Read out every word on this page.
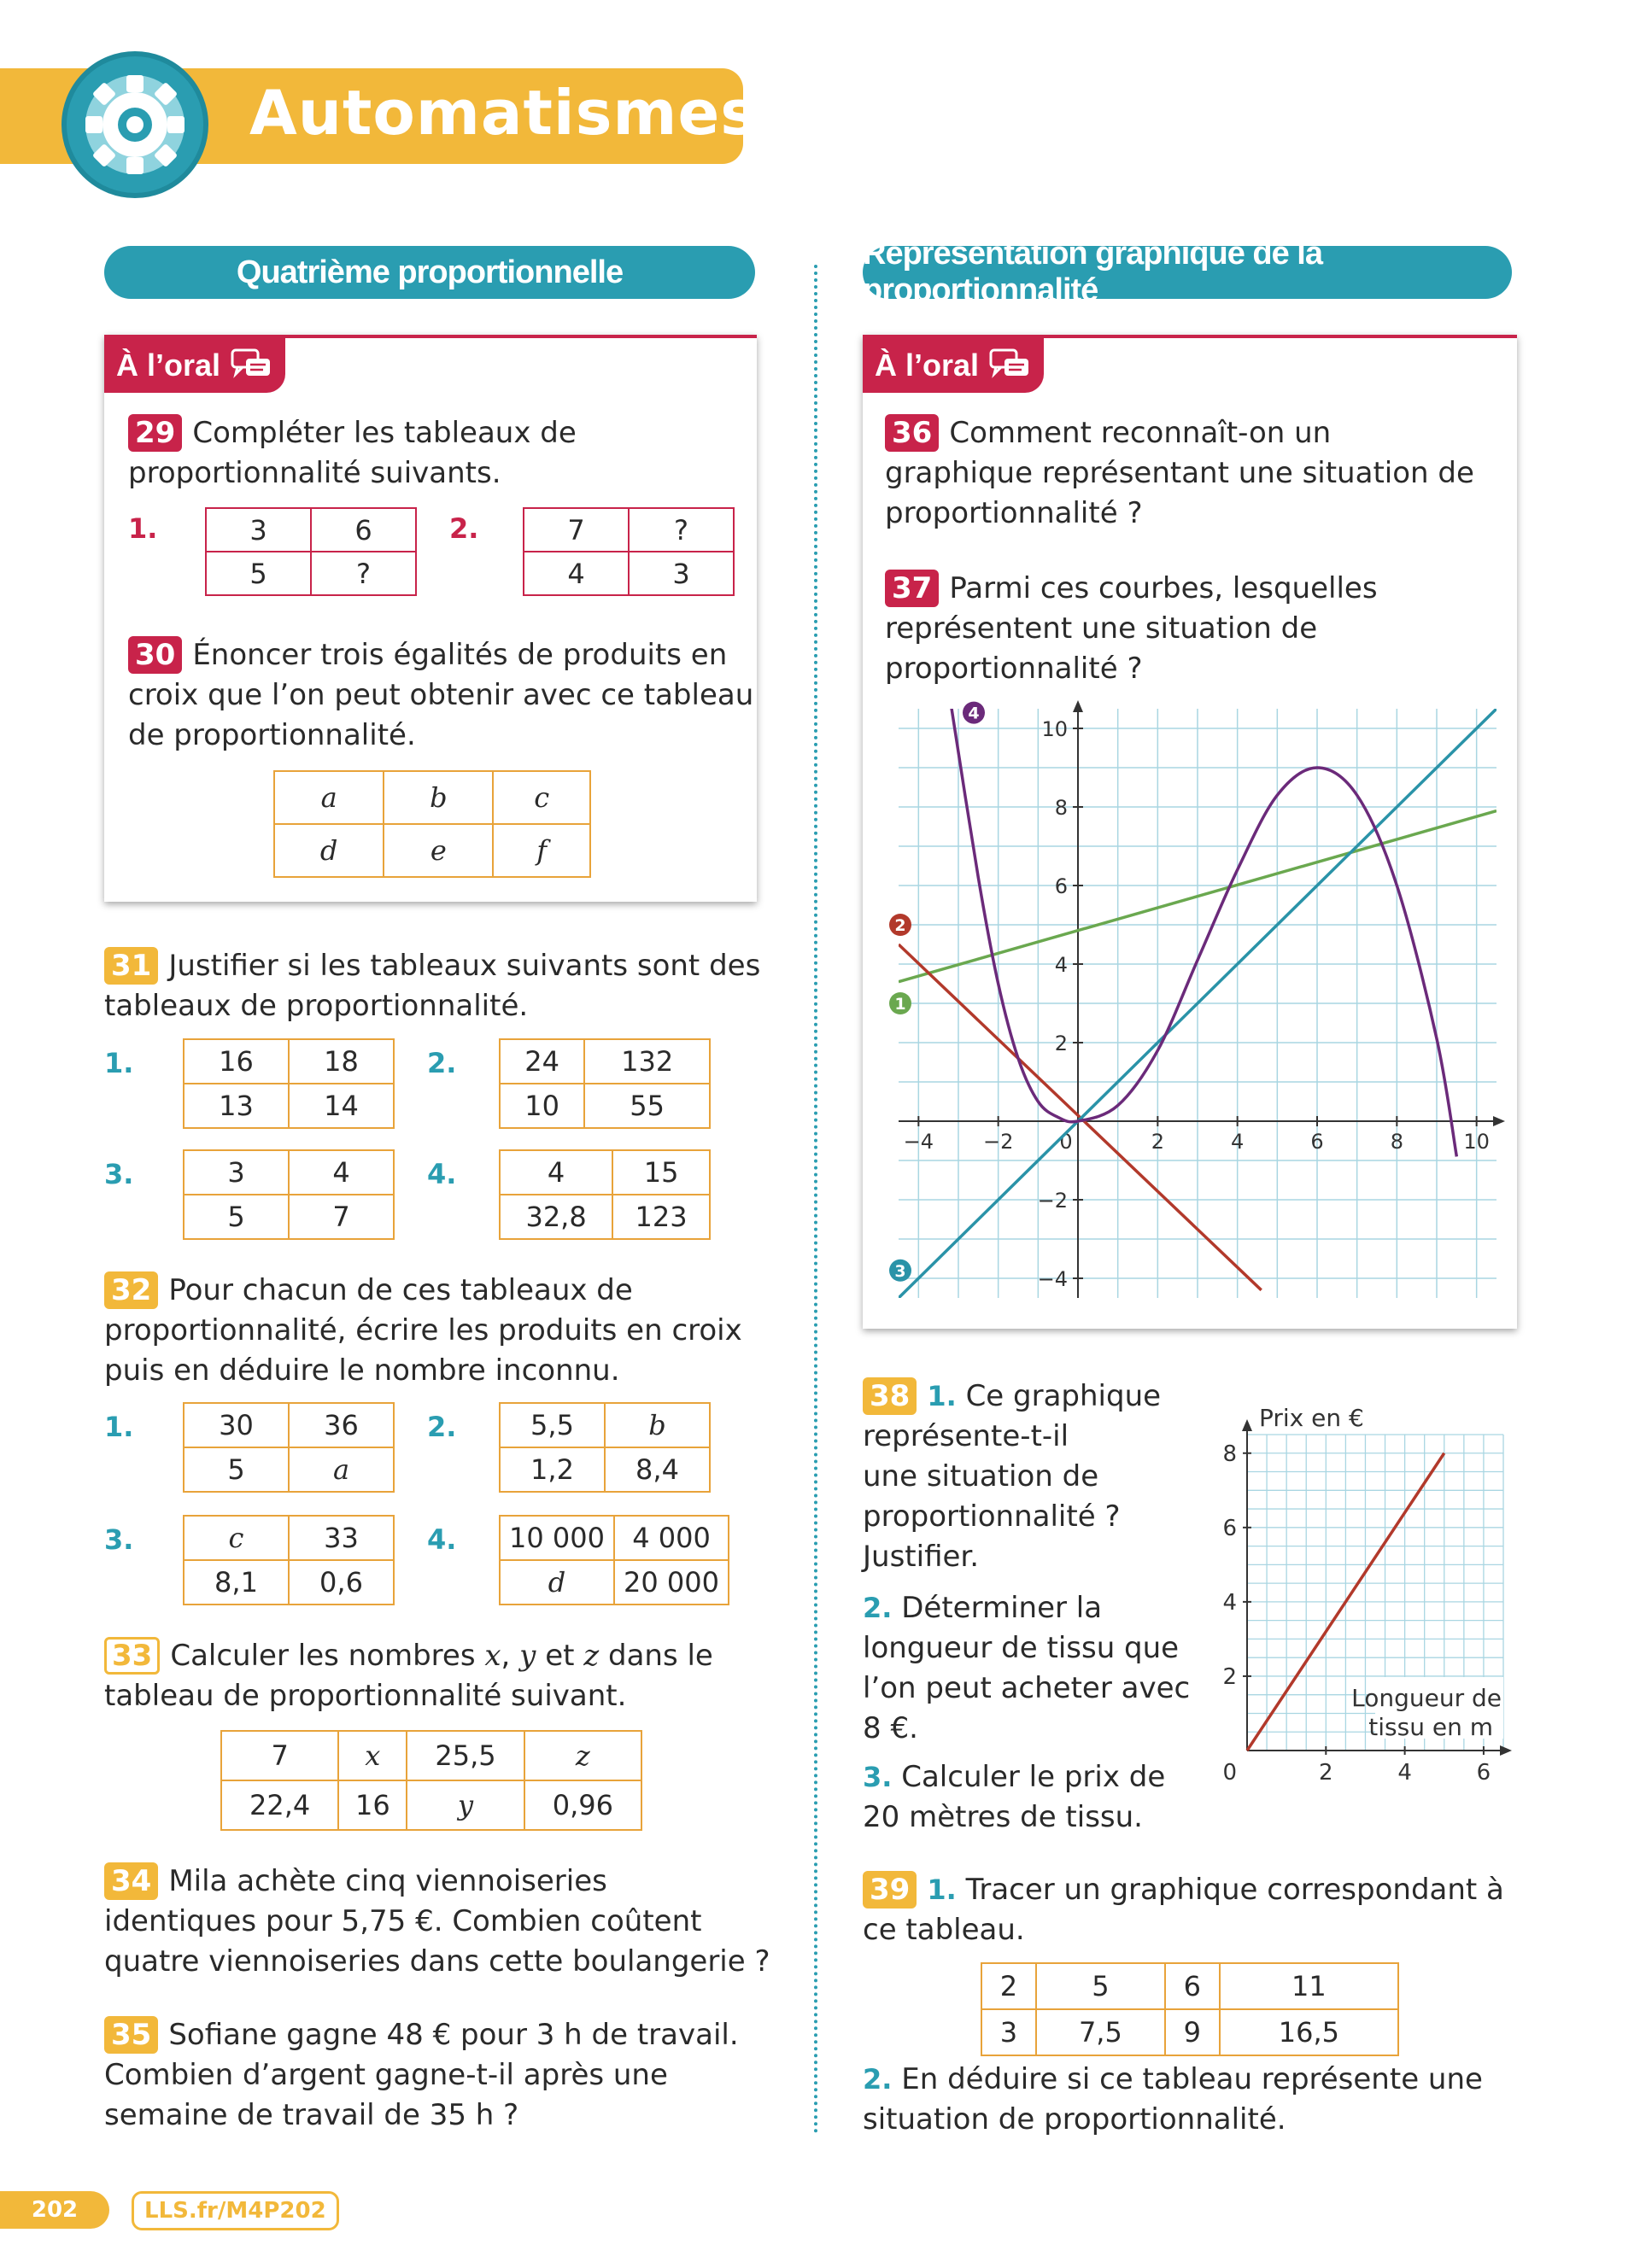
Automatismes
Quatrième proportionnelle
Représentation graphique de la proportionnalité
À l’oral
29 Compléter les tableaux de
proportionnalité suivants.
1.	3	6
5	?
2.	7	?
4	3
30 Énoncer trois égalités de produits en
croix que l’on peut obtenir avec ce tableau
de proportionnalité.
a	b	c
d	e	f
31 Justifier si les tableaux suivants sont des
tableaux de proportionnalité.
1.	16	18
13	14
2. 24	132
10	55
3.	3	4
5	7
4.	4	15
32,8	123
32 Pour chacun de ces tableaux de
proportionnalité, écrire les produits en croix
puis en déduire le nombre inconnu.
1.	30	36
5	a
2.	5,5	b
1,2	8,4
3.	c	33
8,1	0,6
4. 10 000	4 000
d	20 000
33 Calculer les nombres x, y et z dans le
tableau de proportionnalité suivant.
7	x	25,5	z
22,4	16	y	0,96
34 Mila achète cinq viennoiseries
identiques pour 5,75 €. Combien coûtent
quatre viennoiseries dans cette boulangerie ?
35 Sofiane gagne 48 € pour 3 h de travail.
Combien d’argent gagne-t-il après une
semaine de travail de 35 h ?
À l’oral
36 Comment reconnaît-on un
graphique représentant une situation de
proportionnalité ?
37 Parmi ces courbes, lesquelles
représentent une situation de
proportionnalité ?
−4 −2 0	2	4	6	8	10
−4
−2
2
4
6
8
10
1
2
3
4
38 1. Ce graphique
représente-t-il
une situation de
proportionnalité ?
Justifier.
2. Déterminer la
longueur de tissu que
l’on peut acheter avec
8 €.
3. Calculer le prix de
20 mètres de tissu.
2	4	6
2
4
6
8
0
Prix en €
Longueur de
tissu en m
39 1. Tracer un graphique correspondant à
ce tableau.
2	5	6	11
3	7,5	9	16,5
2. En déduire si ce tableau représente une
situation de proportionnalité.
202	LLS.fr/M4P202
